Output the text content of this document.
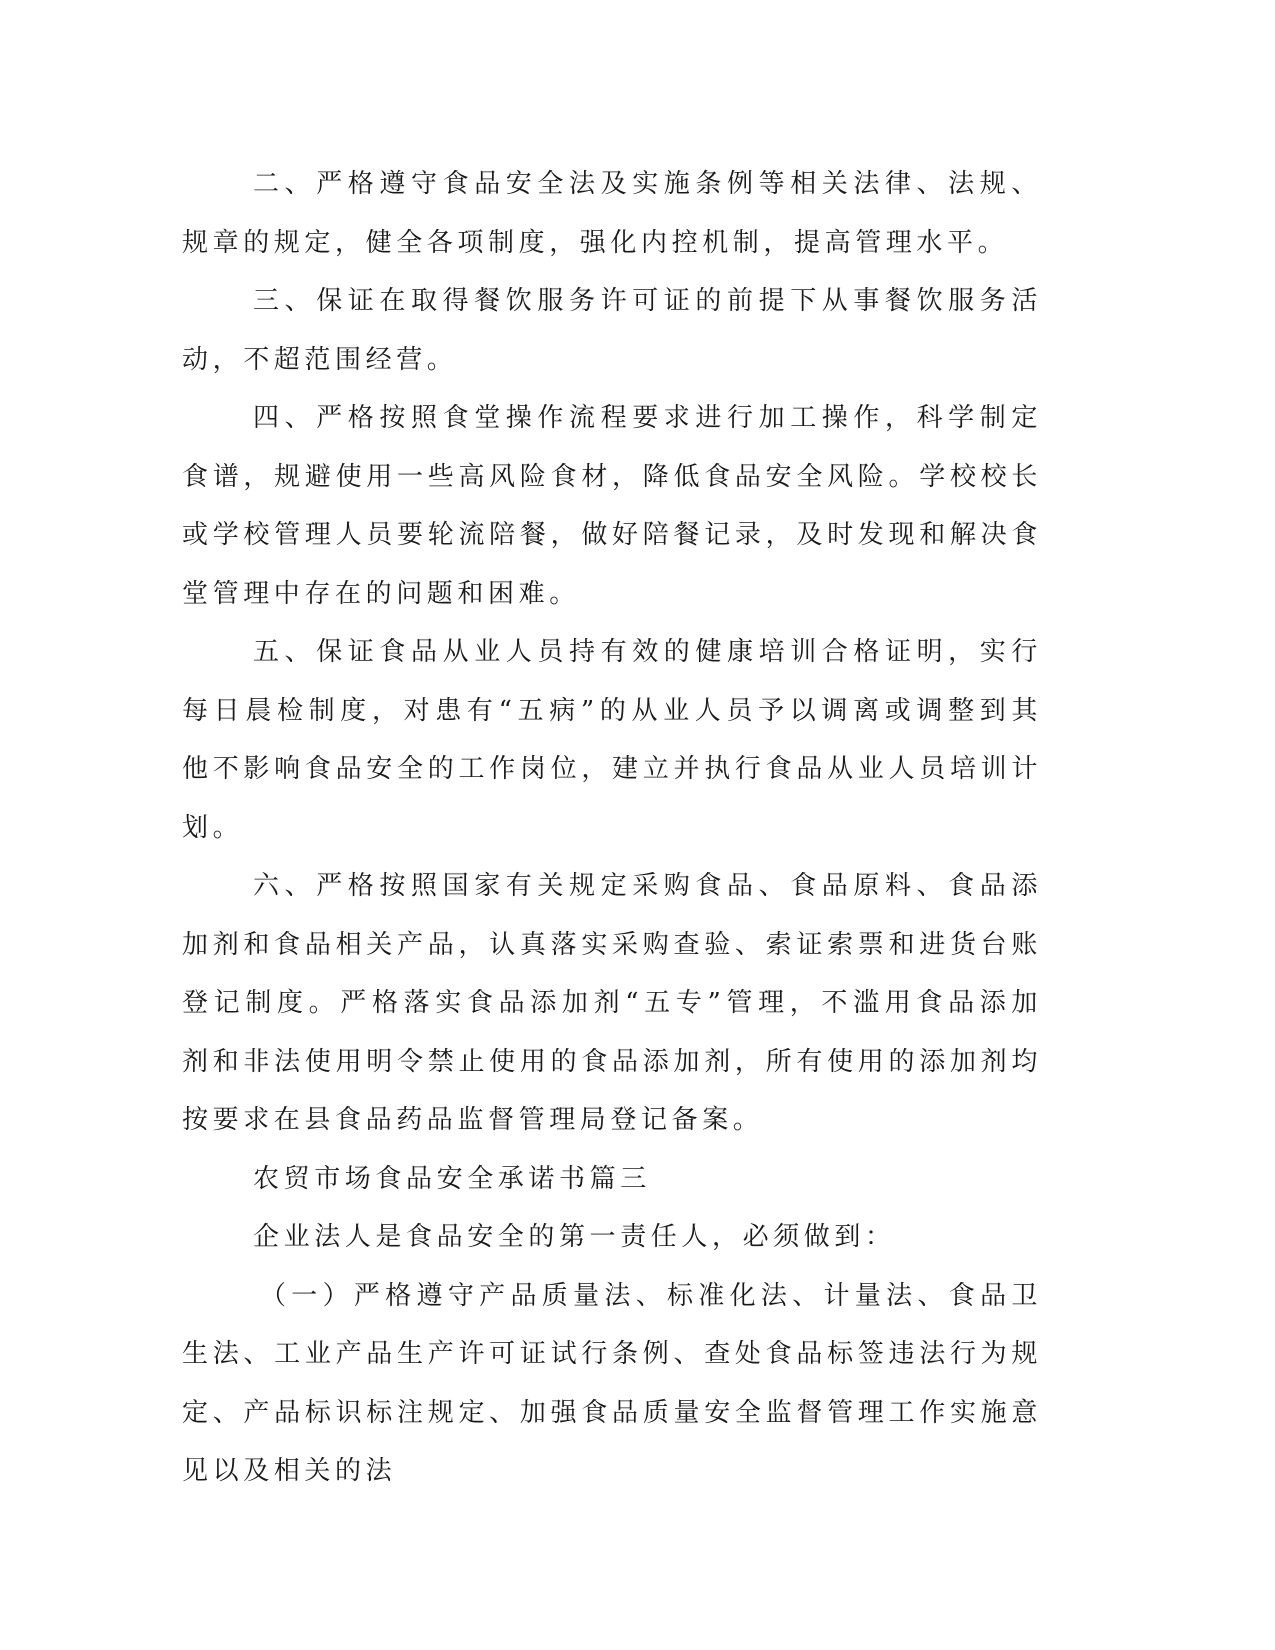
二、严格遵守食品安全法及实施条例等相关法律、法规、规章的规定，健全各项制度，强化内控机制，提高管理水平。

三、保证在取得餐饮服务许可证的前提下从事餐饮服务活动，不超范围经营。

四、严格按照食堂操作流程要求进行加工操作，科学制定食谱，规避使用一些高风险食材，降低食品安全风险。学校校长或学校管理人员要轮流陪餐，做好陪餐记录，及时发现和解决食堂管理中存在的问题和困难。

五、保证食品从业人员持有效的健康培训合格证明，实行每日晨检制度，对患有“五病”的从业人员予以调离或调整到其他不影响食品安全的工作岗位，建立并执行食品从业人员培训计划。

六、严格按照国家有关规定采购食品、食品原料、食品添加剂和食品相关产品，认真落实采购查验、索证索票和进货台账登记制度。严格落实食品添加剂“五专”管理，不滥用食品添加剂和非法使用明令禁止使用的食品添加剂，所有使用的添加剂均按要求在县食品药品监督管理局登记备案。

农贸市场食品安全承诺书篇三

企业法人是食品安全的第一责任人，必须做到：

（一）严格遵守产品质量法、标准化法、计量法、食品卫生法、工业产品生产许可证试行条例、查处食品标签违法行为规定、产品标识标注规定、加强食品质量安全监督管理工作实施意见以及相关的法
